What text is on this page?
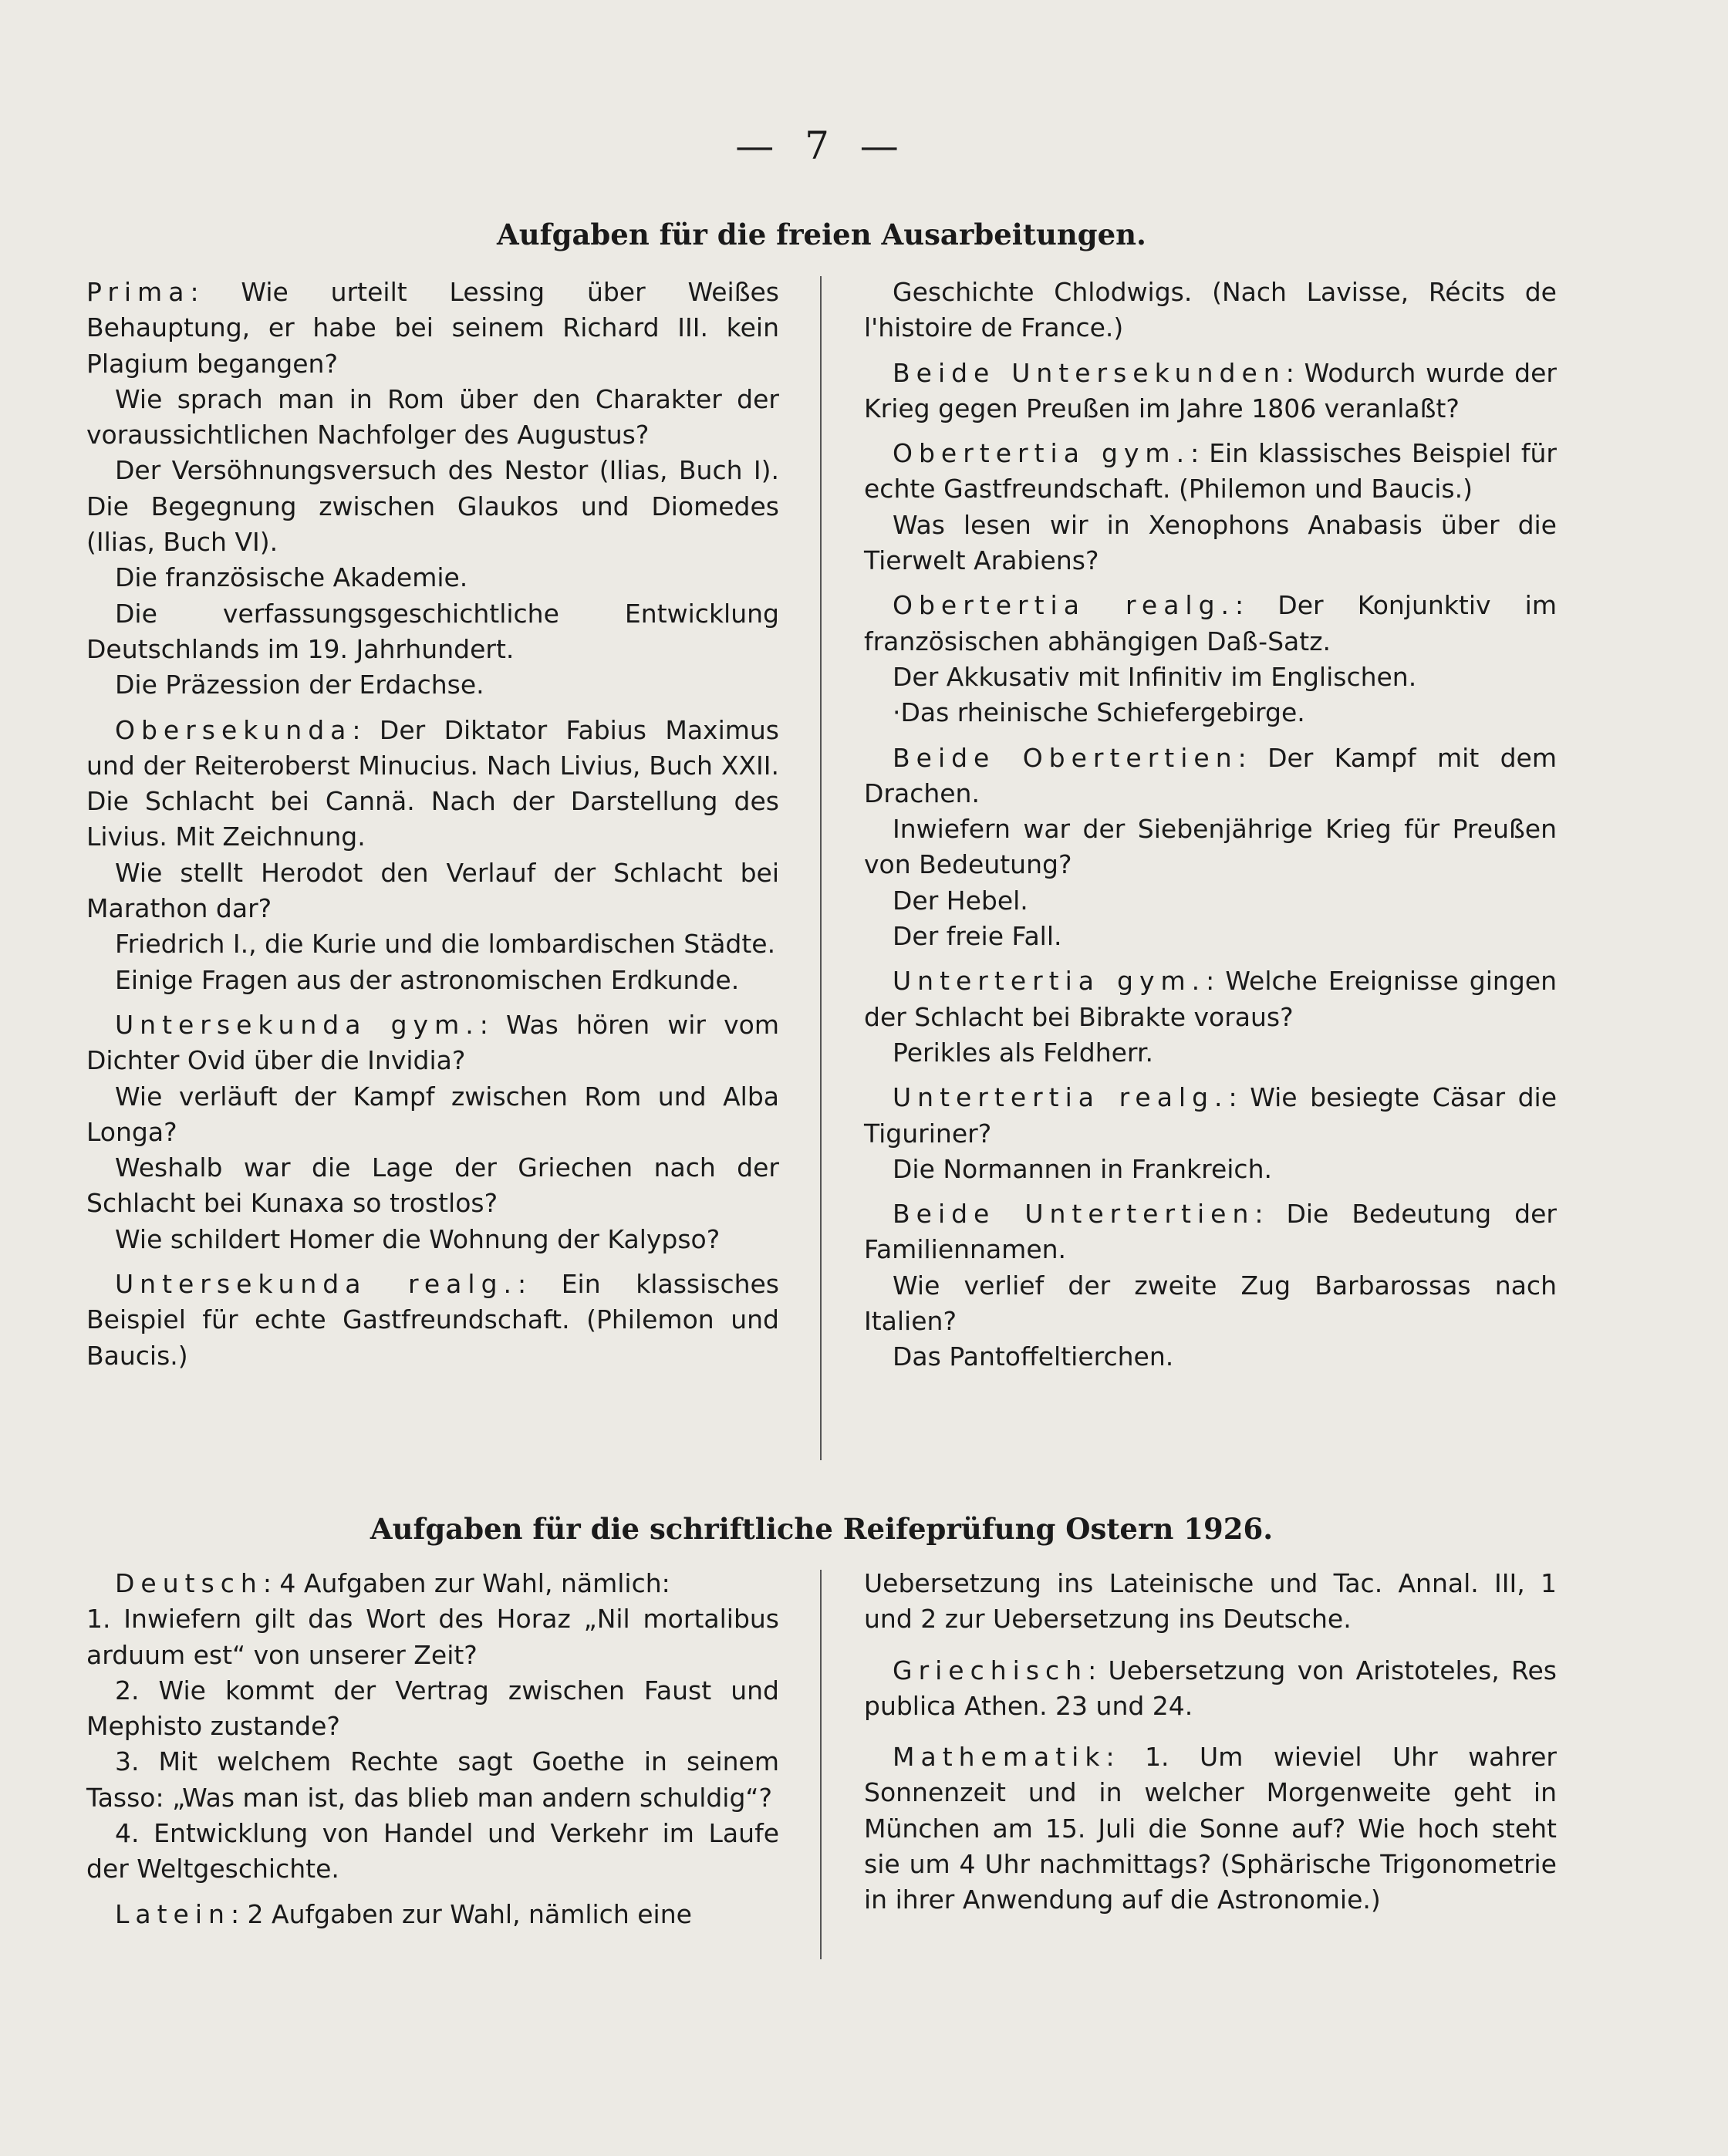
— 7 —
Aufgaben für die freien Ausarbeitungen.

Prima: Wie urteilt Lessing über Weißes Behauptung, er habe bei seinem Richard III. kein Plagium begangen?

Wie sprach man in Rom über den Charakter der voraussichtlichen Nachfolger des Augustus?

Der Versöhnungsversuch des Nestor (Ilias, Buch I). Die Begegnung zwischen Glaukos und Diomedes (Ilias, Buch VI).

Die französische Akademie.

Die verfassungsgeschichtliche Entwicklung Deutschlands im 19. Jahrhundert.

Die Präzession der Erdachse.

Obersekunda: Der Diktator Fabius Maximus und der Reiteroberst Minucius. Nach Livius, Buch XXII. Die Schlacht bei Cannä. Nach der Darstellung des Livius. Mit Zeichnung.

Wie stellt Herodot den Verlauf der Schlacht bei Marathon dar?

Friedrich I., die Kurie und die lombardischen Städte.

Einige Fragen aus der astronomischen Erdkunde.

Untersekunda gym.: Was hören wir vom Dichter Ovid über die Invidia?

Wie verläuft der Kampf zwischen Rom und Alba Longa?

Weshalb war die Lage der Griechen nach der Schlacht bei Kunaxa so trostlos?

Wie schildert Homer die Wohnung der Kalypso?

Untersekunda realg.: Ein klassisches Beispiel für echte Gastfreundschaft. (Philemon und Baucis.)

Geschichte Chlodwigs. (Nach Lavisse, Récits de l'histoire de France.)

Beide Untersekunden: Wodurch wurde der Krieg gegen Preußen im Jahre 1806 veranlaßt?

Obertertia gym.: Ein klassisches Beispiel für echte Gastfreundschaft. (Philemon und Baucis.)

Was lesen wir in Xenophons Anabasis über die Tierwelt Arabiens?

Obertertia realg.: Der Konjunktiv im französischen abhängigen Daß-Satz.

Der Akkusativ mit Infinitiv im Englischen.

·Das rheinische Schiefergebirge.

Beide Obertertien: Der Kampf mit dem Drachen.

Inwiefern war der Siebenjährige Krieg für Preußen von Bedeutung?

Der Hebel.

Der freie Fall.

Untertertia gym.: Welche Ereignisse gingen der Schlacht bei Bibrakte voraus?

Perikles als Feldherr.

Untertertia realg.: Wie besiegte Cäsar die Tiguriner?

Die Normannen in Frankreich.

Beide Untertertien: Die Bedeutung der Familiennamen.

Wie verlief der zweite Zug Barbarossas nach Italien?

Das Pantoffeltierchen.

Aufgaben für die schriftliche Reifeprüfung Ostern 1926.

Deutsch: 4 Aufgaben zur Wahl, nämlich:

1. Inwiefern gilt das Wort des Horaz „Nil mortalibus arduum est“ von unserer Zeit?

2. Wie kommt der Vertrag zwischen Faust und Mephisto zustande?

3. Mit welchem Rechte sagt Goethe in seinem Tasso: „Was man ist, das blieb man andern schuldig“?

4. Entwicklung von Handel und Verkehr im Laufe der Weltgeschichte.

Latein: 2 Aufgaben zur Wahl, nämlich eine

Uebersetzung ins Lateinische und Tac. Annal. III, 1 und 2 zur Uebersetzung ins Deutsche.

Griechisch: Uebersetzung von Aristoteles, Res publica Athen. 23 und 24.

Mathematik: 1. Um wieviel Uhr wahrer Sonnenzeit und in welcher Morgenweite geht in München am 15. Juli die Sonne auf? Wie hoch steht sie um 4 Uhr nachmittags? (Sphärische Trigonometrie in ihrer Anwendung auf die Astronomie.)
